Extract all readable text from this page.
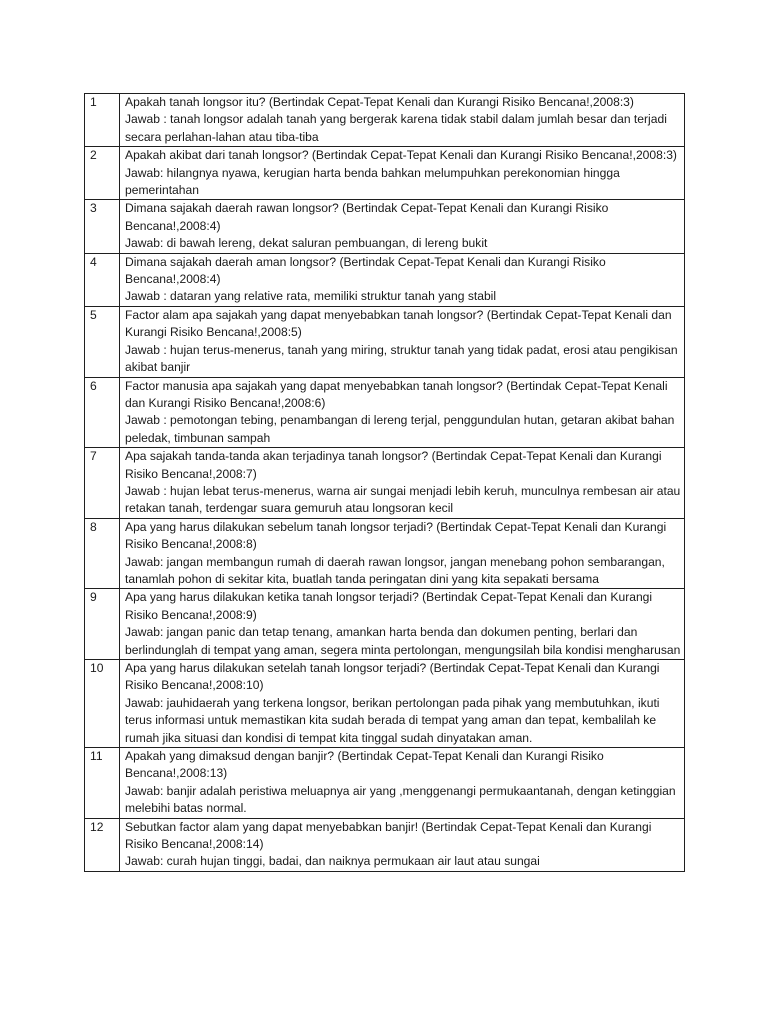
1	Apakah tanah longsor itu? (Bertindak Cepat-Tepat Kenali dan Kurangi Risiko Bencana!,2008:3)
Jawab : tanah longsor adalah tanah yang bergerak karena tidak stabil dalam jumlah besar dan terjadi secara perlahan-lahan atau tiba-tiba

2	Apakah akibat dari tanah longsor? (Bertindak Cepat-Tepat Kenali dan Kurangi Risiko Bencana!,2008:3)
Jawab: hilangnya nyawa, kerugian harta benda bahkan melumpuhkan perekonomian hingga pemerintahan

3	Dimana sajakah daerah rawan longsor? (Bertindak Cepat-Tepat Kenali dan Kurangi Risiko Bencana!,2008:4)
Jawab: di bawah lereng, dekat saluran pembuangan, di lereng bukit

4	Dimana sajakah daerah aman longsor? (Bertindak Cepat-Tepat Kenali dan Kurangi Risiko Bencana!,2008:4)
Jawab : dataran yang relative rata, memiliki struktur tanah yang stabil

5	Factor alam apa sajakah yang dapat menyebabkan tanah longsor? (Bertindak Cepat-Tepat Kenali dan Kurangi Risiko Bencana!,2008:5)
Jawab : hujan terus-menerus, tanah yang miring, struktur tanah yang tidak padat, erosi atau pengikisan akibat banjir

6	Factor manusia apa sajakah yang dapat menyebabkan tanah longsor? (Bertindak Cepat-Tepat Kenali dan Kurangi Risiko Bencana!,2008:6)
Jawab : pemotongan tebing, penambangan di lereng terjal, penggundulan hutan, getaran akibat bahan peledak, timbunan sampah

7	Apa sajakah tanda-tanda akan terjadinya tanah longsor? (Bertindak Cepat-Tepat Kenali dan Kurangi Risiko Bencana!,2008:7)
Jawab : hujan lebat terus-menerus, warna air sungai menjadi lebih keruh, munculnya rembesan air atau retakan tanah, terdengar suara gemuruh atau longsoran kecil

8	Apa yang harus dilakukan sebelum tanah longsor terjadi? (Bertindak Cepat-Tepat Kenali dan Kurangi Risiko Bencana!,2008:8)
Jawab: jangan membangun rumah di daerah rawan longsor, jangan menebang pohon sembarangan, tanamlah pohon di sekitar kita, buatlah tanda peringatan dini yang kita sepakati bersama

9	Apa yang harus dilakukan ketika tanah longsor terjadi? (Bertindak Cepat-Tepat Kenali dan Kurangi Risiko Bencana!,2008:9)
Jawab: jangan panic dan tetap tenang, amankan harta benda dan dokumen penting, berlari dan berlindunglah di tempat yang aman, segera minta pertolongan, mengungsilah bila kondisi mengharusan

10	Apa yang harus dilakukan setelah tanah longsor terjadi? (Bertindak Cepat-Tepat Kenali dan Kurangi Risiko Bencana!,2008:10)
Jawab: jauhidaerah yang terkena longsor, berikan pertolongan pada pihak yang membutuhkan, ikuti terus informasi untuk memastikan kita sudah berada di tempat yang aman dan tepat, kembalilah ke rumah jika situasi dan kondisi di tempat kita tinggal sudah dinyatakan aman.

11	Apakah yang dimaksud dengan banjir? (Bertindak Cepat-Tepat Kenali dan Kurangi Risiko Bencana!,2008:13)
Jawab: banjir adalah peristiwa meluapnya air yang ,menggenangi permukaantanah, dengan ketinggian melebihi batas normal.

12	Sebutkan factor alam yang dapat menyebabkan banjir! (Bertindak Cepat-Tepat Kenali dan Kurangi Risiko Bencana!,2008:14)
Jawab: curah hujan tinggi, badai, dan naiknya permukaan air laut atau sungai
